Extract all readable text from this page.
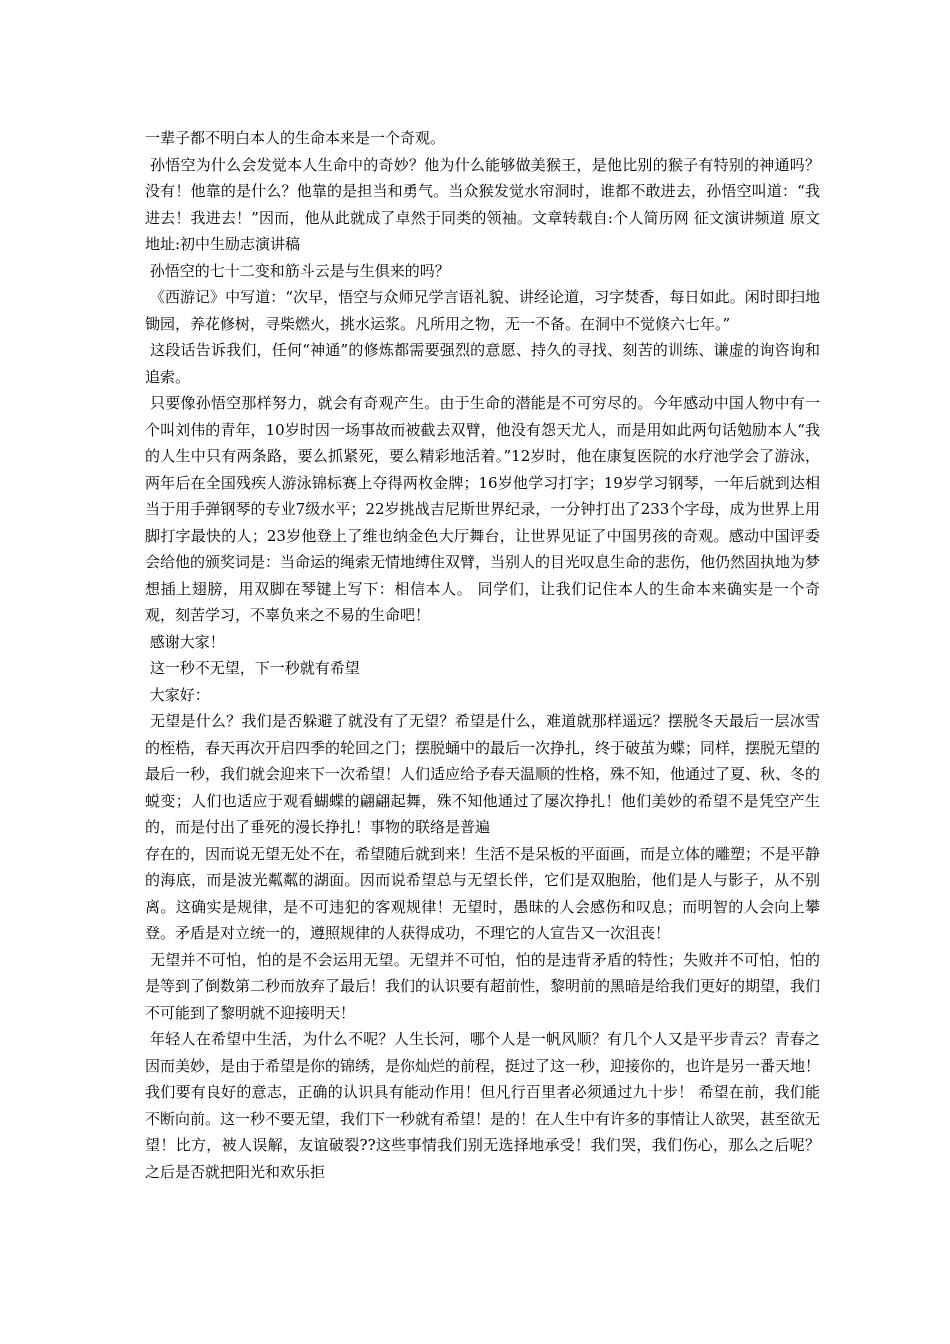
一辈子都不明白本人的生命本来是一个奇观。

孙悟空为什么会发觉本人生命中的奇妙？他为什么能够做美猴王，是他比别的猴子有特别的神通吗？没有！他靠的是什么？他靠的是担当和勇气。当众猴发觉水帘洞时，谁都不敢进去，孙悟空叫道：“我进去！我进去！”因而，他从此就成了卓然于同类的领袖。文章转载自:个人简历网 征文演讲频道 原文地址:初中生励志演讲稿

孙悟空的七十二变和筋斗云是与生俱来的吗？

《西游记》中写道：“次早，悟空与众师兄学言语礼貌、讲经论道，习字焚香，每日如此。闲时即扫地锄园，养花修树，寻柴燃火，挑水运浆。凡所用之物，无一不备。在洞中不觉倏六七年。”

这段话告诉我们，任何“神通”的修炼都需要强烈的意愿、持久的寻找、刻苦的训练、谦虚的询咨询和追索。

只要像孙悟空那样努力，就会有奇观产生。由于生命的潜能是不可穷尽的。今年感动中国人物中有一个叫刘伟的青年，10岁时因一场事故而被截去双臂，他没有怨天尤人，而是用如此两句话勉励本人“我的人生中只有两条路，要么抓紧死，要么精彩地活着。”12岁时，他在康复医院的水疗池学会了游泳，两年后在全国残疾人游泳锦标赛上夺得两枚金牌；16岁他学习打字；19岁学习钢琴，一年后就到达相当于用手弹钢琴的专业7级水平；22岁挑战吉尼斯世界纪录，一分钟打出了233个字母，成为世界上用脚打字最快的人；23岁他登上了维也纳金色大厅舞台，让世界见证了中国男孩的奇观。感动中国评委会给他的颁奖词是：当命运的绳索无情地缚住双臂，当别人的目光叹息生命的悲伤，他仍然固执地为梦想插上翅膀，用双脚在琴键上写下：相信本人。 同学们，让我们记住本人的生命本来确实是一个奇观，刻苦学习，不辜负来之不易的生命吧！

感谢大家！

这一秒不无望，下一秒就有希望

大家好：

无望是什么？我们是否躲避了就没有了无望？希望是什么，难道就那样遥远？摆脱冬天最后一层冰雪的桎梏，春天再次开启四季的轮回之门；摆脱蛹中的最后一次挣扎，终于破茧为蝶；同样，摆脱无望的最后一秒，我们就会迎来下一次希望！人们适应给予春天温顺的性格，殊不知，他通过了夏、秋、冬的蜕变；人们也适应于观看蝴蝶的翩翩起舞，殊不知他通过了屡次挣扎！他们美妙的希望不是凭空产生的，而是付出了垂死的漫长挣扎！事物的联络是普遍

存在的，因而说无望无处不在，希望随后就到来！生活不是呆板的平面画，而是立体的雕塑；不是平静的海底，而是波光粼粼的湖面。因而说希望总与无望长伴，它们是双胞胎，他们是人与影子，从不别离。这确实是规律，是不可违犯的客观规律！无望时，愚昧的人会感伤和叹息；而明智的人会向上攀登。矛盾是对立统一的，遵照规律的人获得成功，不理它的人宣告又一次沮丧！

无望并不可怕，怕的是不会运用无望。无望并不可怕，怕的是违背矛盾的特性；失败并不可怕，怕的是等到了倒数第二秒而放弃了最后！我们的认识要有超前性，黎明前的黑暗是给我们更好的期望，我们不可能到了黎明就不迎接明天！

年轻人在希望中生活，为什么不呢？人生长河，哪个人是一帆风顺？有几个人又是平步青云？青春之因而美妙，是由于希望是你的锦绣，是你灿烂的前程，挺过了这一秒，迎接你的，也许是另一番天地！我们要有良好的意志，正确的认识具有能动作用！但凡行百里者必须通过九十步！ 希望在前，我们能不断向前。这一秒不要无望，我们下一秒就有希望！是的！在人生中有许多的事情让人欲哭，甚至欲无望！比方，被人误解，友谊破裂??这些事情我们别无选择地承受！我们哭，我们伤心，那么之后呢？之后是否就把阳光和欢乐拒
